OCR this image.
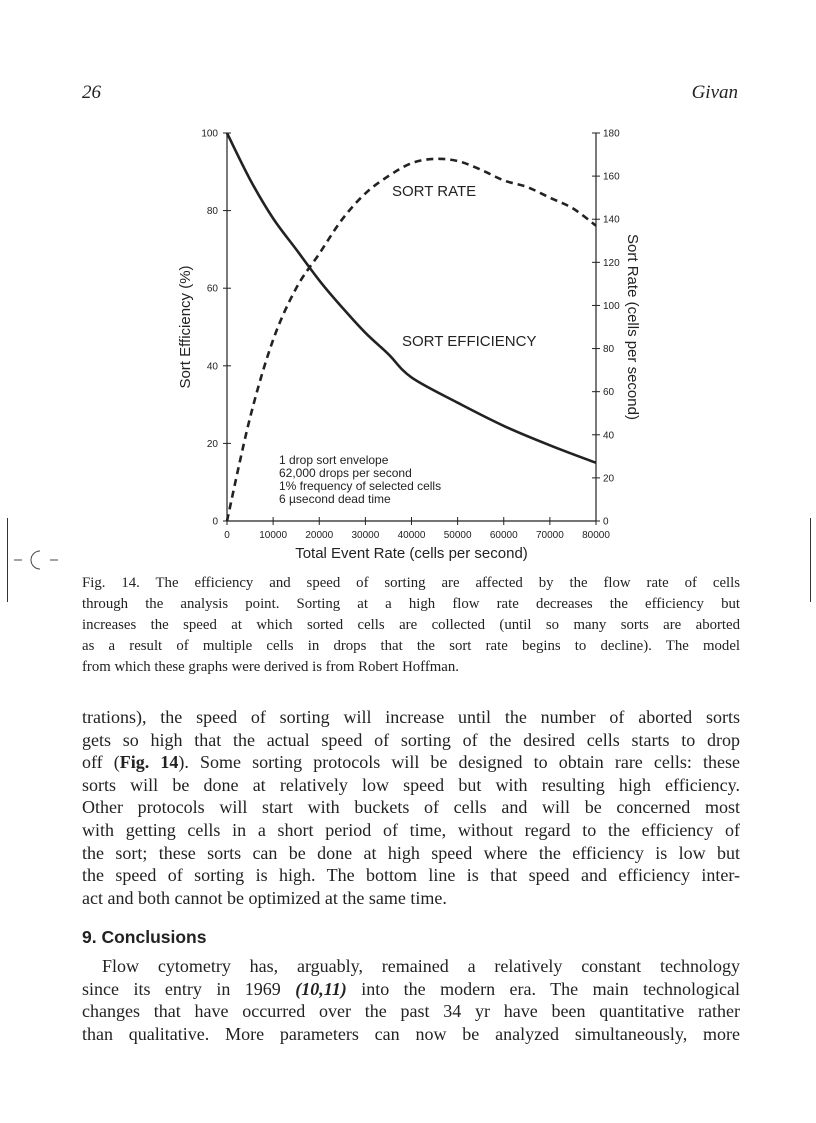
26	Givan
0
20
40
60
80
100
0
20
40
60
80
100
120
140
160
180
0	10000 20000 30000 40000 50000 60000 70000 80000
Total Event Rate (cells per second)
Sort Efficiency (%)	Sort Rate (cells per second)
SORT RATE
SORT EFFICIENCY
1 drop sort envelope
62,000 drops per second
1% frequency of selected cells
6 µsecond dead time
Fig. 14. The efficiency and speed of sorting are affected by the flow rate of cells
through the analysis point. Sorting at a high flow rate decreases the efficiency but
increases the speed at which sorted cells are collected (until so many sorts are aborted
as a result of multiple cells in drops that the sort rate begins to decline). The model
from which these graphs were derived is from Robert Hoffman.
trations), the speed of sorting will increase until the number of aborted sorts
gets so high that the actual speed of sorting of the desired cells starts to drop
off (Fig. 14). Some sorting protocols will be designed to obtain rare cells: these
sorts will be done at relatively low speed but with resulting high efficiency.
Other protocols will start with buckets of cells and will be concerned most
with getting cells in a short period of time, without regard to the efficiency of
the sort; these sorts can be done at high speed where the efficiency is low but
the speed of sorting is high. The bottom line is that speed and efficiency inter-
act and both cannot be optimized at the same time.
9. Conclusions
Flow cytometry has, arguably, remained a relatively constant technology
since its entry in 1969 (10,11) into the modern era. The main technological
changes that have occurred over the past 34 yr have been quantitative rather
than qualitative. More parameters can now be analyzed simultaneously, more
